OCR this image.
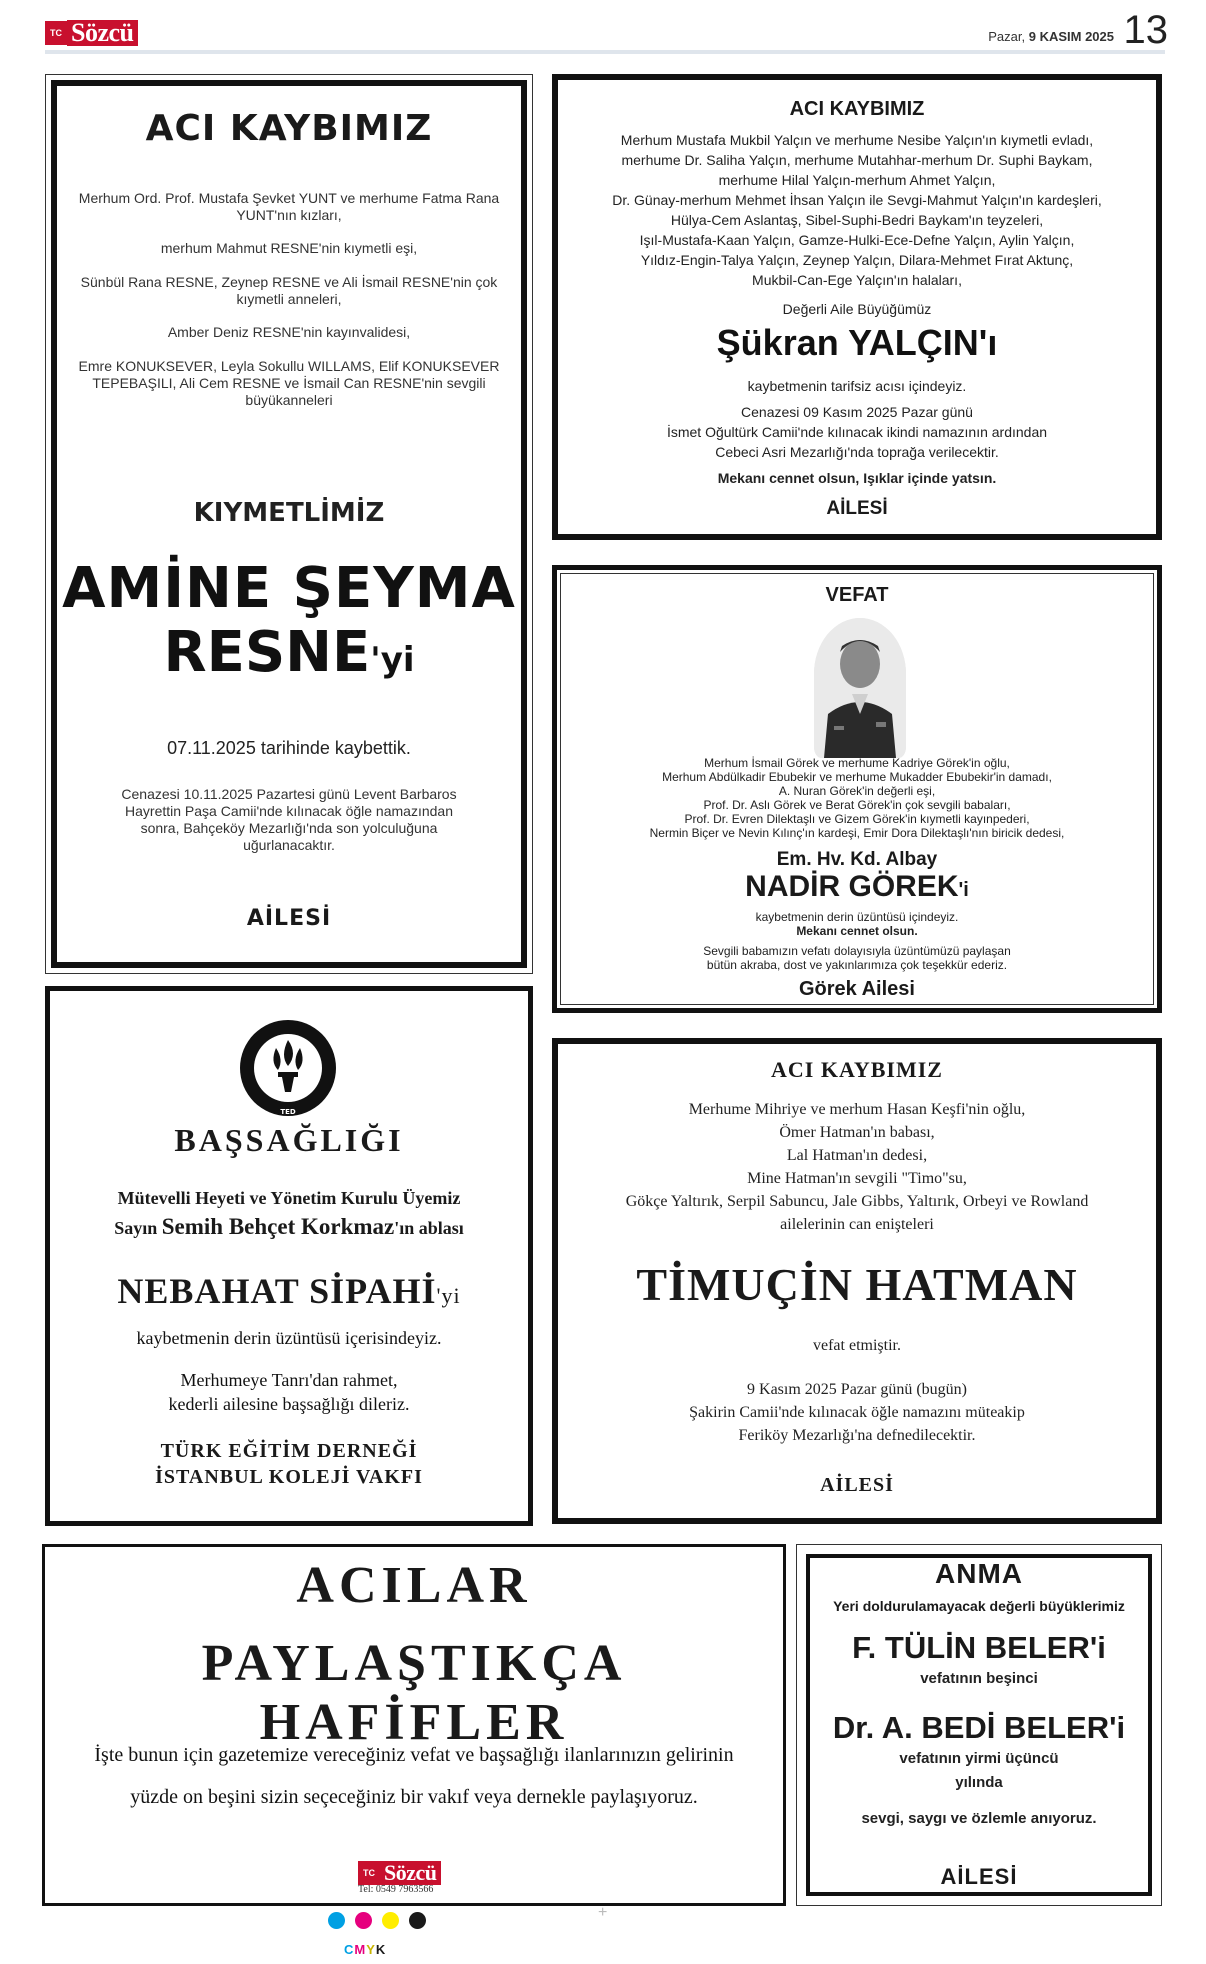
TC Sözcü	Pazar, 9 KASIM 2025 13
ACI KAYBIMIZ
Merhum Ord. Prof. Mustafa Şevket YUNT ve merhume Fatma Rana YUNT'nın kızları,
merhum Mahmut RESNE'nin kıymetli eşi,
Sünbül Rana RESNE, Zeynep RESNE ve Ali İsmail RESNE'nin çok kıymetli anneleri,
Amber Deniz RESNE'nin kayınvalidesi,
Emre KONUKSEVER, Leyla Sokullu WILLAMS, Elif KONUKSEVER TEPEBAŞILI, Ali Cem RESNE ve İsmail Can RESNE'nin sevgili büyükanneleri
KIYMETLİMİZ
AMİNE ŞEYMA
RESNE'yi
07.11.2025 tarihinde kaybettik.
Cenazesi 10.11.2025 Pazartesi günü Levent Barbaros Hayrettin Paşa Camii'nde kılınacak öğle namazından sonra, Bahçeköy Mezarlığı'nda son yolculuğuna uğurlanacaktır.
AİLESİ
ACI KAYBIMIZ
Merhum Mustafa Mukbil Yalçın ve merhume Nesibe Yalçın'ın kıymetli evladı,
merhume Dr. Saliha Yalçın, merhume Mutahhar-merhum Dr. Suphi Baykam,
merhume Hilal Yalçın-merhum Ahmet Yalçın,
Dr. Günay-merhum Mehmet İhsan Yalçın ile Sevgi-Mahmut Yalçın'ın kardeşleri,
Hülya-Cem Aslantaş, Sibel-Suphi-Bedri Baykam'ın teyzeleri,
Işıl-Mustafa-Kaan Yalçın, Gamze-Hulki-Ece-Defne Yalçın, Aylin Yalçın,
Yıldız-Engin-Talya Yalçın, Zeynep Yalçın, Dilara-Mehmet Fırat Aktunç,
Mukbil-Can-Ege Yalçın'ın halaları,
Değerli Aile Büyüğümüz
Şükran YALÇIN'ı
kaybetmenin tarifsiz acısı içindeyiz.
Cenazesi 09 Kasım 2025 Pazar günü
İsmet Oğultürk Camii'nde kılınacak ikindi namazının ardından
Cebeci Asri Mezarlığı'nda toprağa verilecektir.
Mekanı cennet olsun, Işıklar içinde yatsın.
AİLESİ
VEFAT
Merhum İsmail Görek ve merhume Kadriye Görek'in oğlu,
Merhum Abdülkadir Ebubekir ve merhume Mukadder Ebubekir'in damadı,
A. Nuran Görek'in değerli eşi,
Prof. Dr. Aslı Görek ve Berat Görek'in çok sevgili babaları,
Prof. Dr. Evren Dilektaşlı ve Gizem Görek'in kıymetli kayınpederi,
Nermin Biçer ve Nevin Kılınç'ın kardeşi, Emir Dora Dilektaşlı'nın biricik dedesi,
Em. Hv. Kd. Albay
NADİR GÖREK'i
kaybetmenin derin üzüntüsü içindeyiz.
Mekanı cennet olsun.
Sevgili babamızın vefatı dolayısıyla üzüntümüzü paylaşan
bütün akraba, dost ve yakınlarımıza çok teşekkür ederiz.
Görek Ailesi
TED
BAŞSAĞLIĞI
Mütevelli Heyeti ve Yönetim Kurulu Üyemiz
Sayın Semih Behçet Korkmaz'ın ablası
NEBAHAT SİPAHİ'yi
kaybetmenin derin üzüntüsü içerisindeyiz.
Merhumeye Tanrı'dan rahmet,
kederli ailesine başsağlığı dileriz.
TÜRK EĞİTİM DERNEĞİ
İSTANBUL KOLEJİ VAKFI
ACI KAYBIMIZ
Merhume Mihriye ve merhum Hasan Keşfi'nin oğlu,
Ömer Hatman'ın babası,
Lal Hatman'ın dedesi,
Mine Hatman'ın sevgili "Timo"su,
Gökçe Yaltırık, Serpil Sabuncu, Jale Gibbs, Yaltırık, Orbeyi ve Rowland
ailelerinin can enişteleri
TİMUÇİN HATMAN
vefat etmiştir.
9 Kasım 2025 Pazar günü (bugün)
Şakirin Camii'nde kılınacak öğle namazını müteakip
Feriköy Mezarlığı'na defnedilecektir.
AİLESİ
ACILAR
PAYLAŞTIKÇA HAFİFLER
İşte bunun için gazetemize vereceğiniz vefat ve başsağlığı ilanlarınızın gelirinin
yüzde on beşini sizin seçeceğiniz bir vakıf veya dernekle paylaşıyoruz.
TC Sözcü
Tel: 0549 7963566
ANMA
Yeri doldurulamayacak değerli büyüklerimiz
F. TÜLİN BELER'i
vefatının beşinci
Dr. A. BEDİ BELER'i
vefatının yirmi üçüncü
yılında
sevgi, saygı ve özlemle anıyoruz.
AİLESİ
CMYK
+
